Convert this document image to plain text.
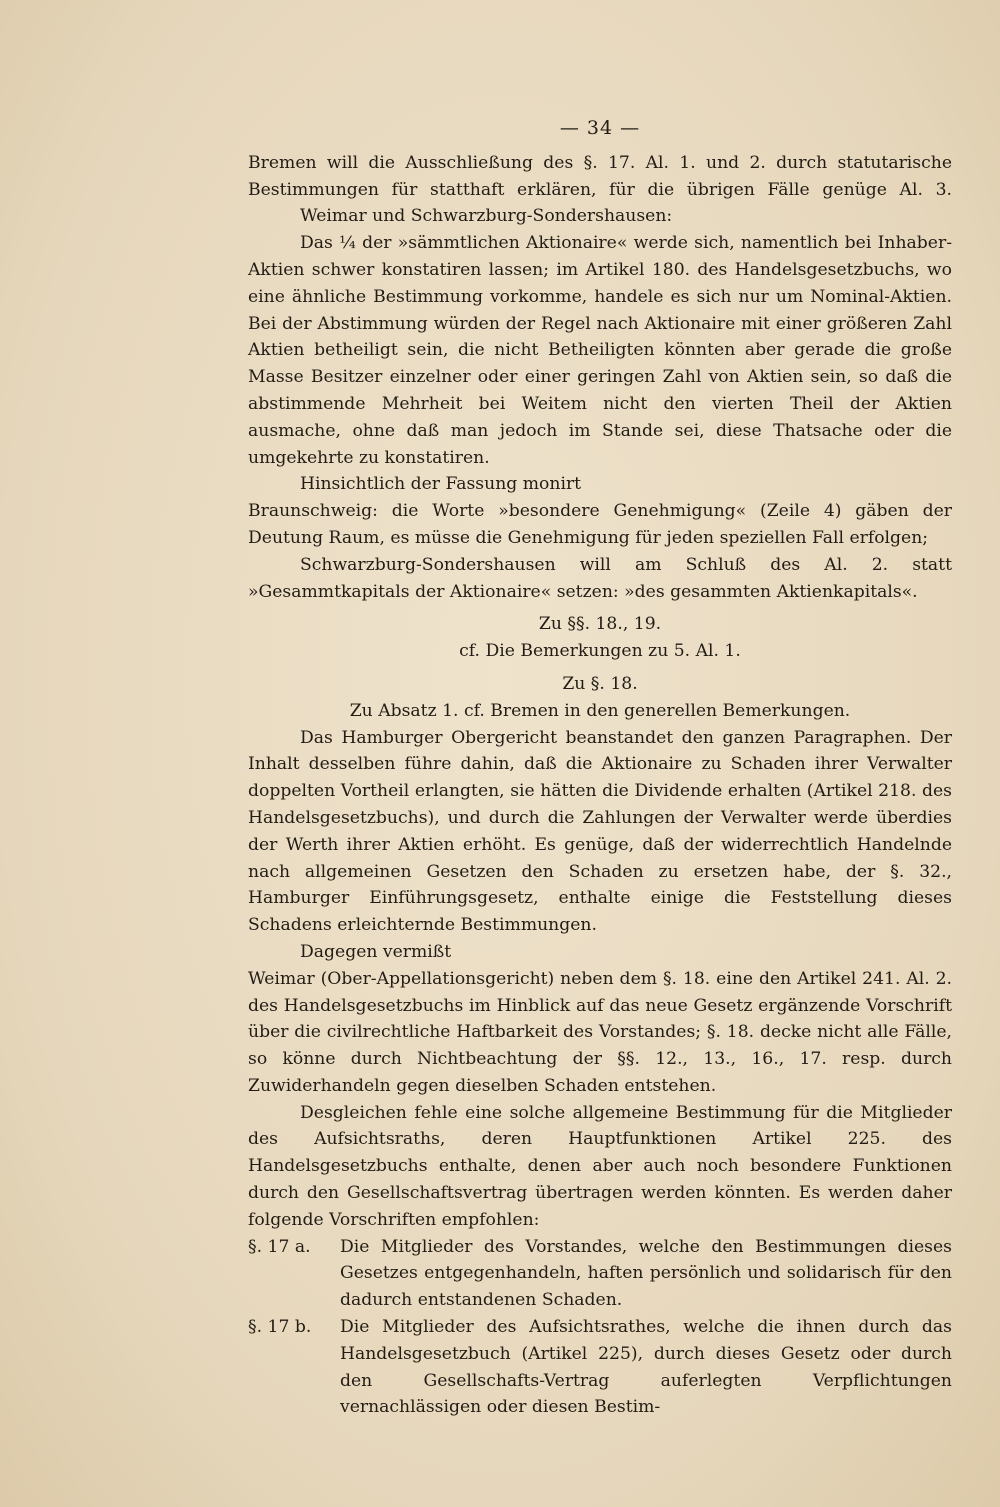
— 34 —

Bremen will die Ausschließung des §. 17. Al. 1. und 2. durch statutarische Bestimmungen für statthaft erklären, für die übrigen Fälle genüge Al. 3.

Weimar und Schwarzburg-Sondershausen:

Das ¼ der »sämmtlichen Aktionaire« werde sich, namentlich bei Inhaber-Aktien schwer konstatiren lassen; im Artikel 180. des Handelsgesetzbuchs, wo eine ähnliche Bestimmung vorkomme, handele es sich nur um Nominal-Aktien. Bei der Abstimmung würden der Regel nach Aktionaire mit einer größeren Zahl Aktien betheiligt sein, die nicht Betheiligten könnten aber gerade die große Masse Besitzer einzelner oder einer geringen Zahl von Aktien sein, so daß die abstimmende Mehrheit bei Weitem nicht den vierten Theil der Aktien ausmache, ohne daß man jedoch im Stande sei, diese Thatsache oder die umgekehrte zu konstatiren.

Hinsichtlich der Fassung monirt

Braunschweig: die Worte »besondere Genehmigung« (Zeile 4) gäben der Deutung Raum, es müsse die Genehmigung für jeden speziellen Fall erfolgen;

Schwarzburg-Sondershausen will am Schluß des Al. 2. statt »Gesammtkapitals der Aktionaire« setzen: »des gesammten Aktienkapitals«.

Zu §§. 18., 19.

cf. Die Bemerkungen zu 5. Al. 1.

Zu §. 18.

Zu Absatz 1. cf. Bremen in den generellen Bemerkungen.

Das Hamburger Obergericht beanstandet den ganzen Paragraphen. Der Inhalt desselben führe dahin, daß die Aktionaire zu Schaden ihrer Verwalter doppelten Vortheil erlangten, sie hätten die Dividende erhalten (Artikel 218. des Handelsgesetzbuchs), und durch die Zahlungen der Verwalter werde überdies der Werth ihrer Aktien erhöht. Es genüge, daß der widerrechtlich Handelnde nach allgemeinen Gesetzen den Schaden zu ersetzen habe, der §. 32., Hamburger Einführungsgesetz, enthalte einige die Feststellung dieses Schadens erleichternde Bestimmungen.

Dagegen vermißt

Weimar (Ober-Appellationsgericht) neben dem §. 18. eine den Artikel 241. Al. 2. des Handelsgesetzbuchs im Hinblick auf das neue Gesetz ergänzende Vorschrift über die civilrechtliche Haftbarkeit des Vorstandes; §. 18. decke nicht alle Fälle, so könne durch Nichtbeachtung der §§. 12., 13., 16., 17. resp. durch Zuwiderhandeln gegen dieselben Schaden entstehen.

Desgleichen fehle eine solche allgemeine Bestimmung für die Mitglieder des Aufsichtsraths, deren Hauptfunktionen Artikel 225. des Handelsgesetzbuchs enthalte, denen aber auch noch besondere Funktionen durch den Gesellschaftsvertrag übertragen werden könnten. Es werden daher folgende Vorschriften empfohlen:

§. 17 a.	Die Mitglieder des Vorstandes, welche den Bestimmungen dieses Gesetzes entgegenhandeln, haften persönlich und solidarisch für den dadurch entstandenen Schaden.
§. 17 b.	Die Mitglieder des Aufsichtsrathes, welche die ihnen durch das Handelsgesetzbuch (Artikel 225), durch dieses Gesetz oder durch den Gesellschafts-Vertrag auferlegten Verpflichtungen vernachlässigen oder diesen Bestim-
